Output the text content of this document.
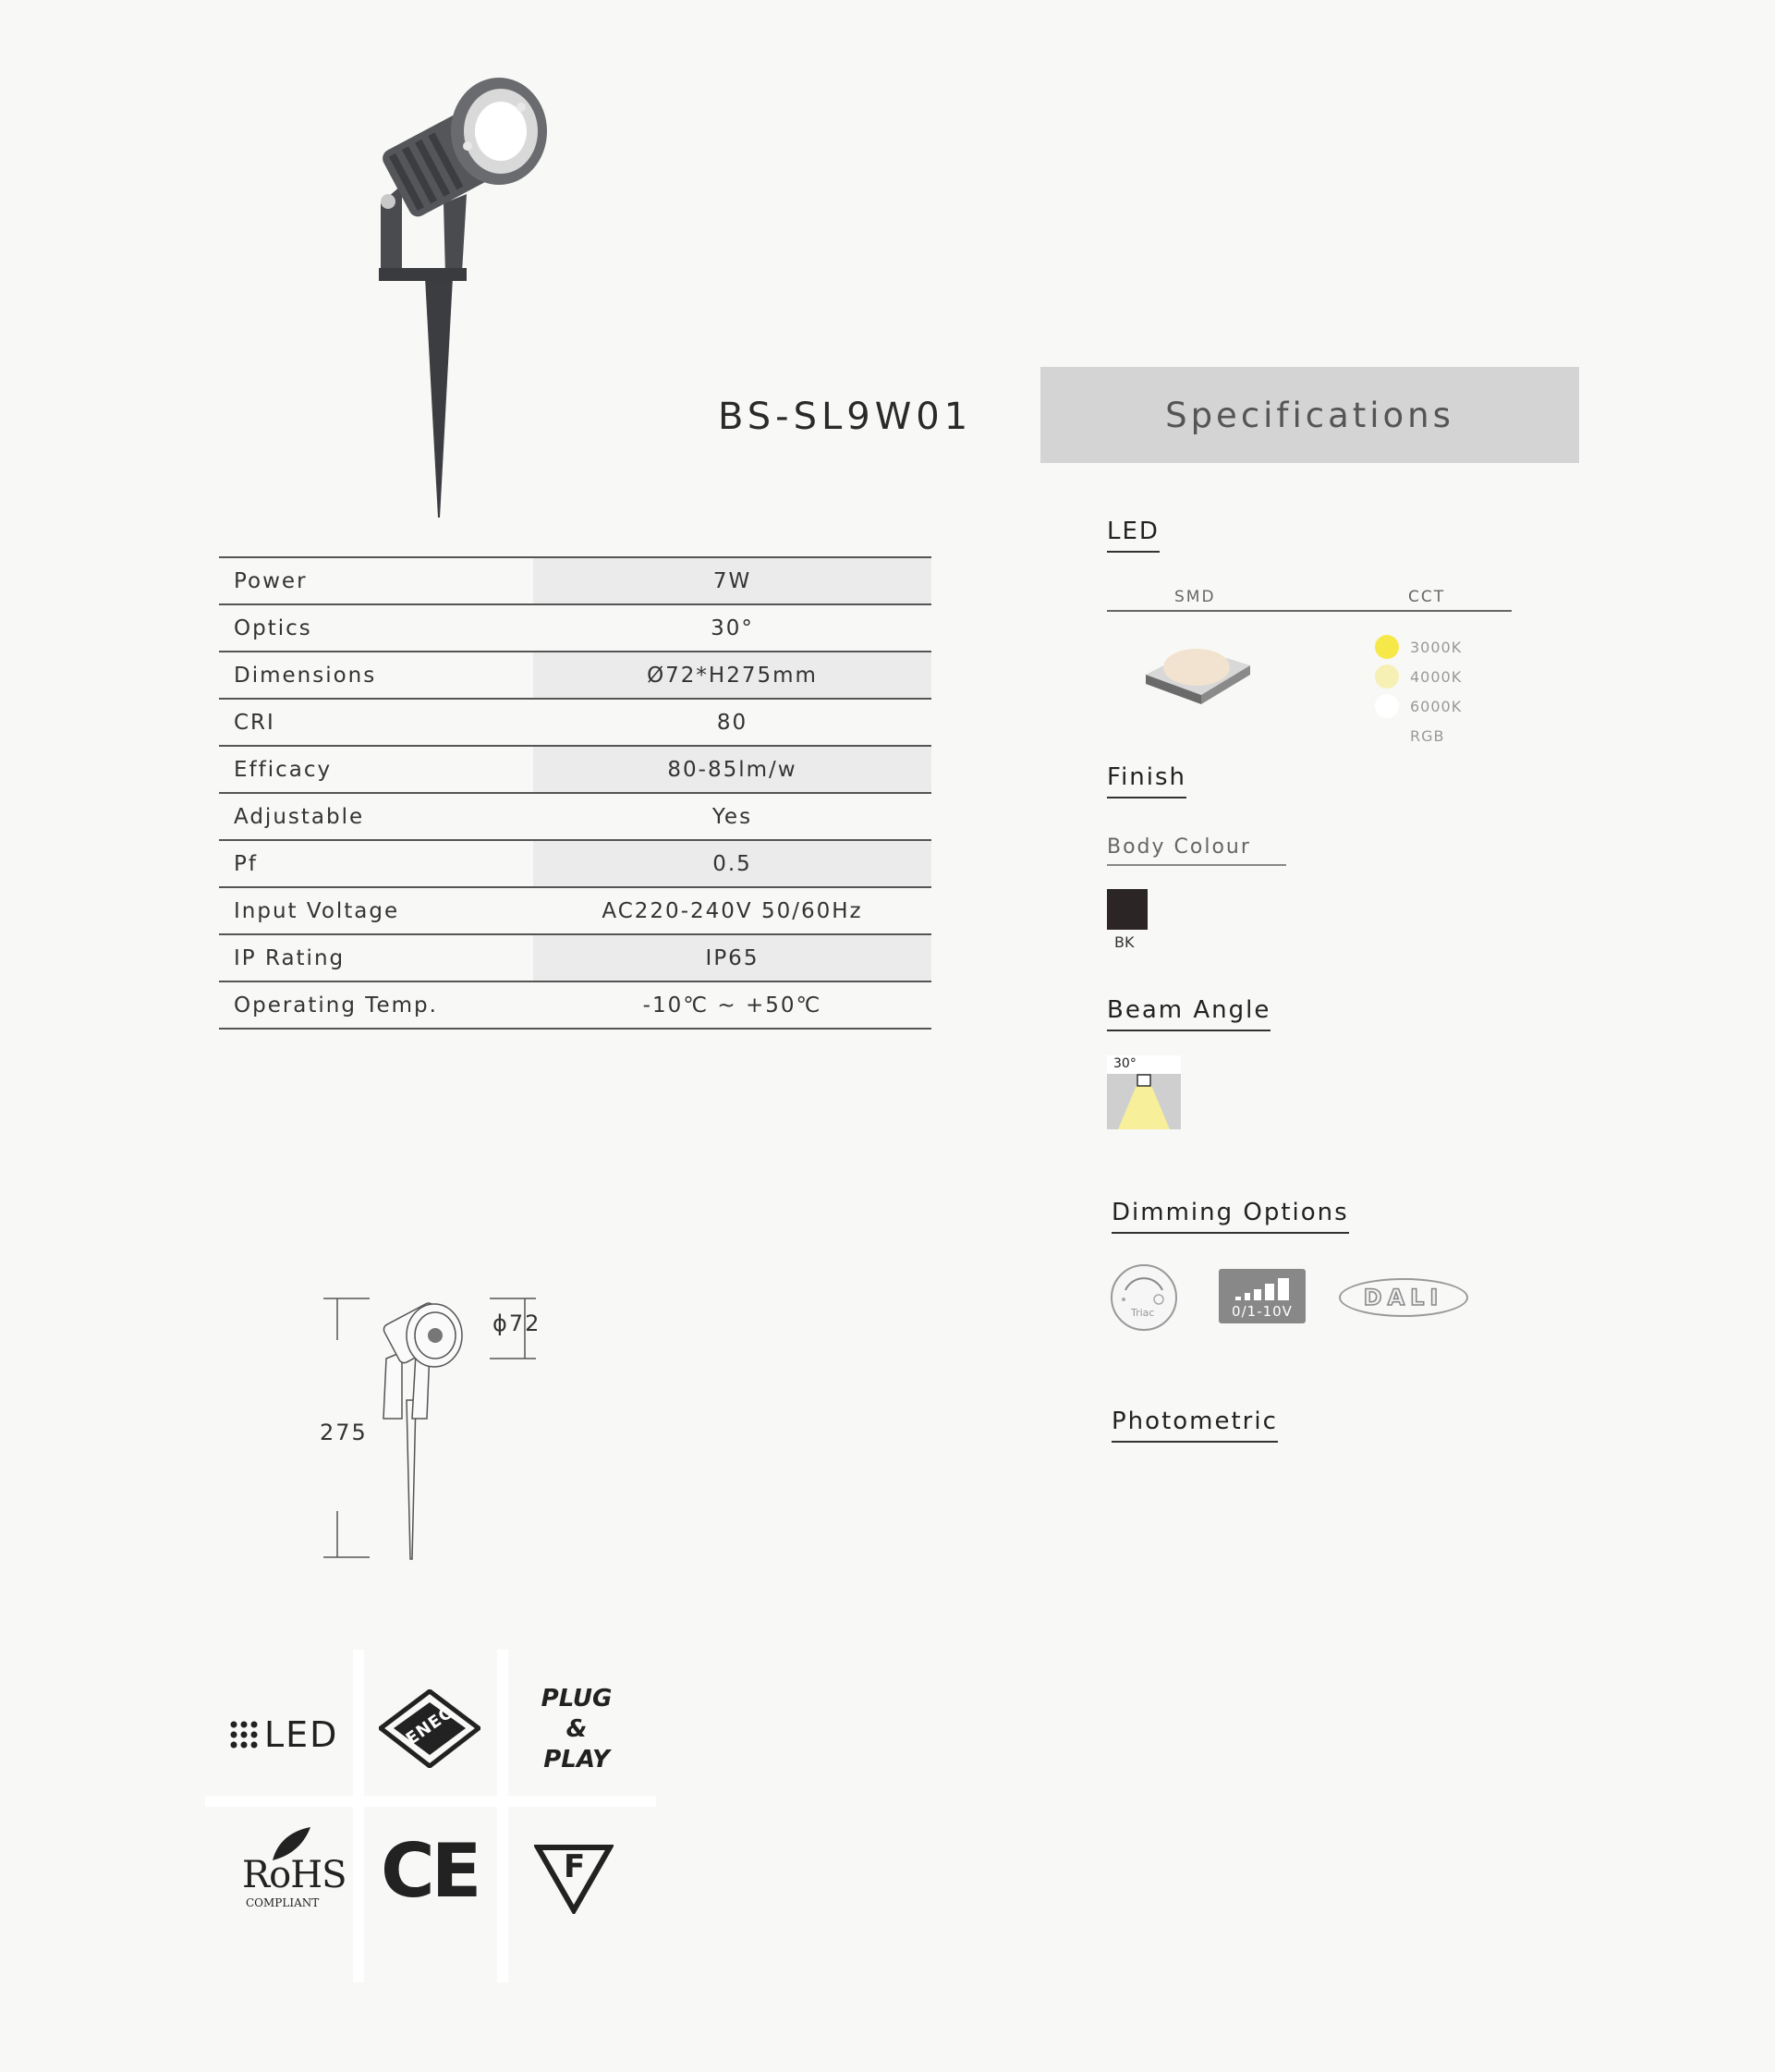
BS-SL9W01
Power	7W
Optics	30°
Dimensions	Ø72*H275mm
CRI	80
Efficacy	80-85lm/w
Adjustable	Yes
Pf	0.5
Input Voltage	AC220-240V 50/60Hz
IP Rating	IP65
Operating Temp.	-10℃ ~ +50℃
Specifications
LED
SMD	CCT
3000K
4000K
6000K
RGB
Finish
Body Colour
BK
Beam Angle
30°
Dimming Options
Triac	0/1-10V
DALI
Photometric
ϕ72
275
LED	ENEC
PLUG
&
PLAY
RoHS
COMPLIANT CE	F
